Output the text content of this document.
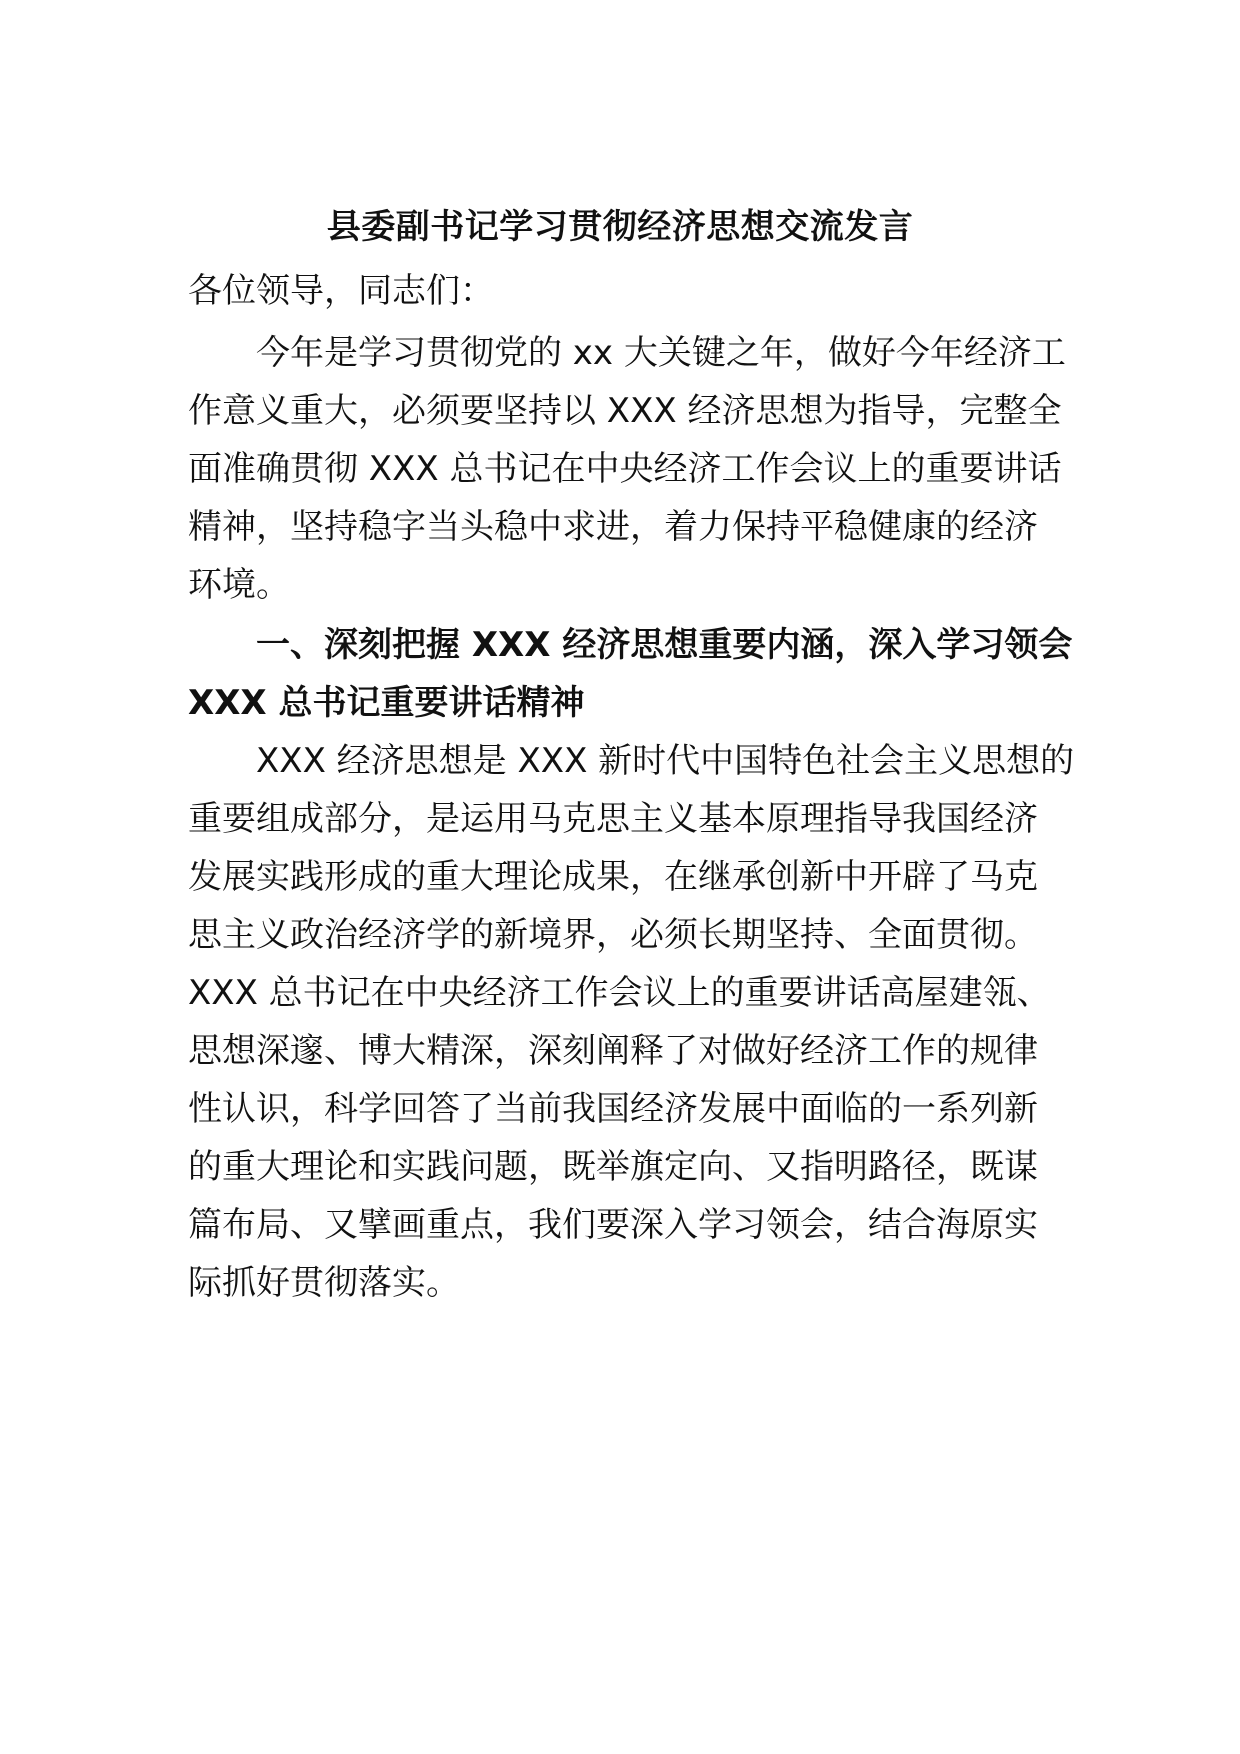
县委副书记学习贯彻经济思想交流发言
各位领导，同志们：
今年是学习贯彻党的 xx 大关键之年，做好今年经济工
作意义重大，必须要坚持以 XXX 经济思想为指导，完整全
面准确贯彻 XXX 总书记在中央经济工作会议上的重要讲话
精神，坚持稳字当头稳中求进，着力保持平稳健康的经济
环境。
一、深刻把握 XXX 经济思想重要内涵，深入学习领会
XXX 总书记重要讲话精神
XXX 经济思想是 XXX 新时代中国特色社会主义思想的
重要组成部分，是运用马克思主义基本原理指导我国经济
发展实践形成的重大理论成果，在继承创新中开辟了马克
思主义政治经济学的新境界，必须长期坚持、全面贯彻。
XXX 总书记在中央经济工作会议上的重要讲话高屋建瓴、
思想深邃、博大精深，深刻阐释了对做好经济工作的规律
性认识，科学回答了当前我国经济发展中面临的一系列新
的重大理论和实践问题，既举旗定向、又指明路径，既谋
篇布局、又擘画重点，我们要深入学习领会，结合海原实
际抓好贯彻落实。
